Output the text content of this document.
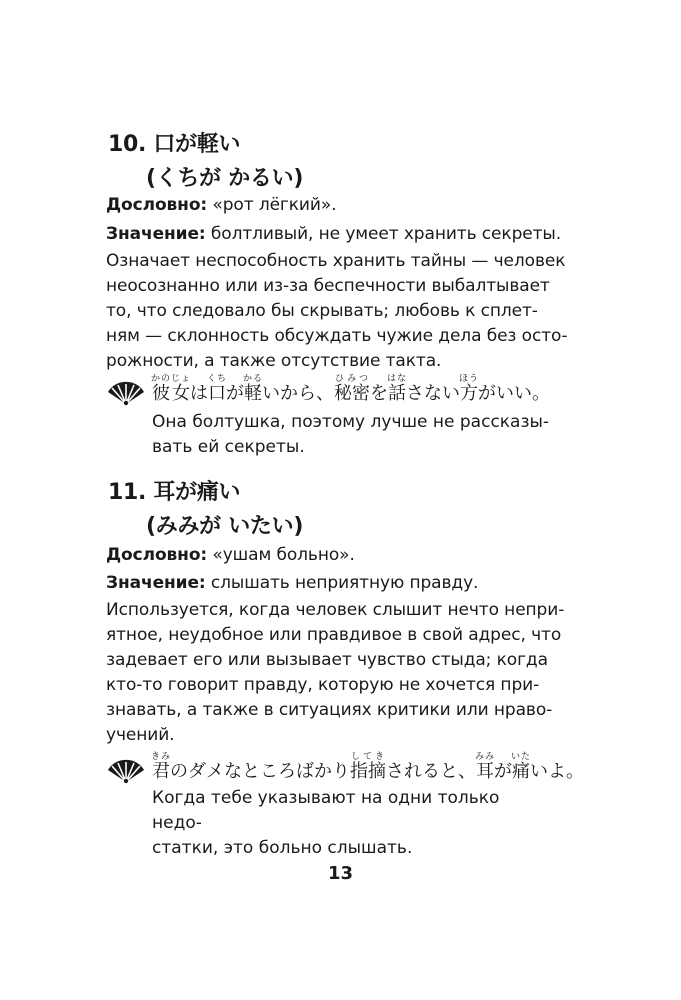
10. 口が軽い
(くちが かるい)

Дословно: «рот лёгкий».

Значение: болтливый, не умеет хранить секреты.

Означает неспособность хранить тайны — человек
неосознанно или из-за беспечности выбалтывает
то, что следовало бы скрывать; любовь к сплет-
ням — склонность обсуждать чужие дела без осто-
рожности, а также отсутствие такта.

彼女かのじょは口くちが軽かるいから、秘密ひみつを話はなさない方ほうがいい。

Она болтушка, поэтому лучше не рассказы-
вать ей секреты.

11. 耳が痛い
(みみが いたい)

Дословно: «ушам больно».

Значение: слышать неприятную правду.

Используется, когда человек слышит нечто непри-
ятное, неудобное или правдивое в свой адрес, что
задевает его или вызывает чувство стыда; когда
кто-то говорит правду, которую не хочется при-
знавать, а также в ситуациях критики или нраво-
учений.

君きみのダメなところばかり指摘してきされると、耳みみが痛いたいよ。

Когда тебе указывают на одни только недо-
статки, это больно слышать.

13
